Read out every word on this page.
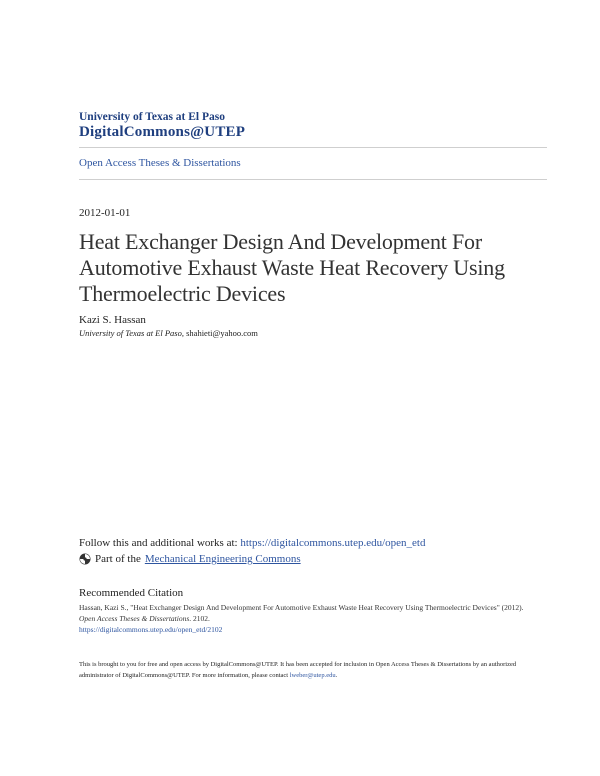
University of Texas at El Paso
DigitalCommons@UTEP
Open Access Theses & Dissertations
2012-01-01
Heat Exchanger Design And Development For Automotive Exhaust Waste Heat Recovery Using Thermoelectric Devices
Kazi S. Hassan
University of Texas at El Paso, shahieti@yahoo.com
Follow this and additional works at: https://digitalcommons.utep.edu/open_etd
Part of the Mechanical Engineering Commons
Recommended Citation
Hassan, Kazi S., "Heat Exchanger Design And Development For Automotive Exhaust Waste Heat Recovery Using Thermoelectric Devices" (2012). Open Access Theses & Dissertations. 2102.
https://digitalcommons.utep.edu/open_etd/2102
This is brought to you for free and open access by DigitalCommons@UTEP. It has been accepted for inclusion in Open Access Theses & Dissertations by an authorized administrator of DigitalCommons@UTEP. For more information, please contact lweber@utep.edu.
